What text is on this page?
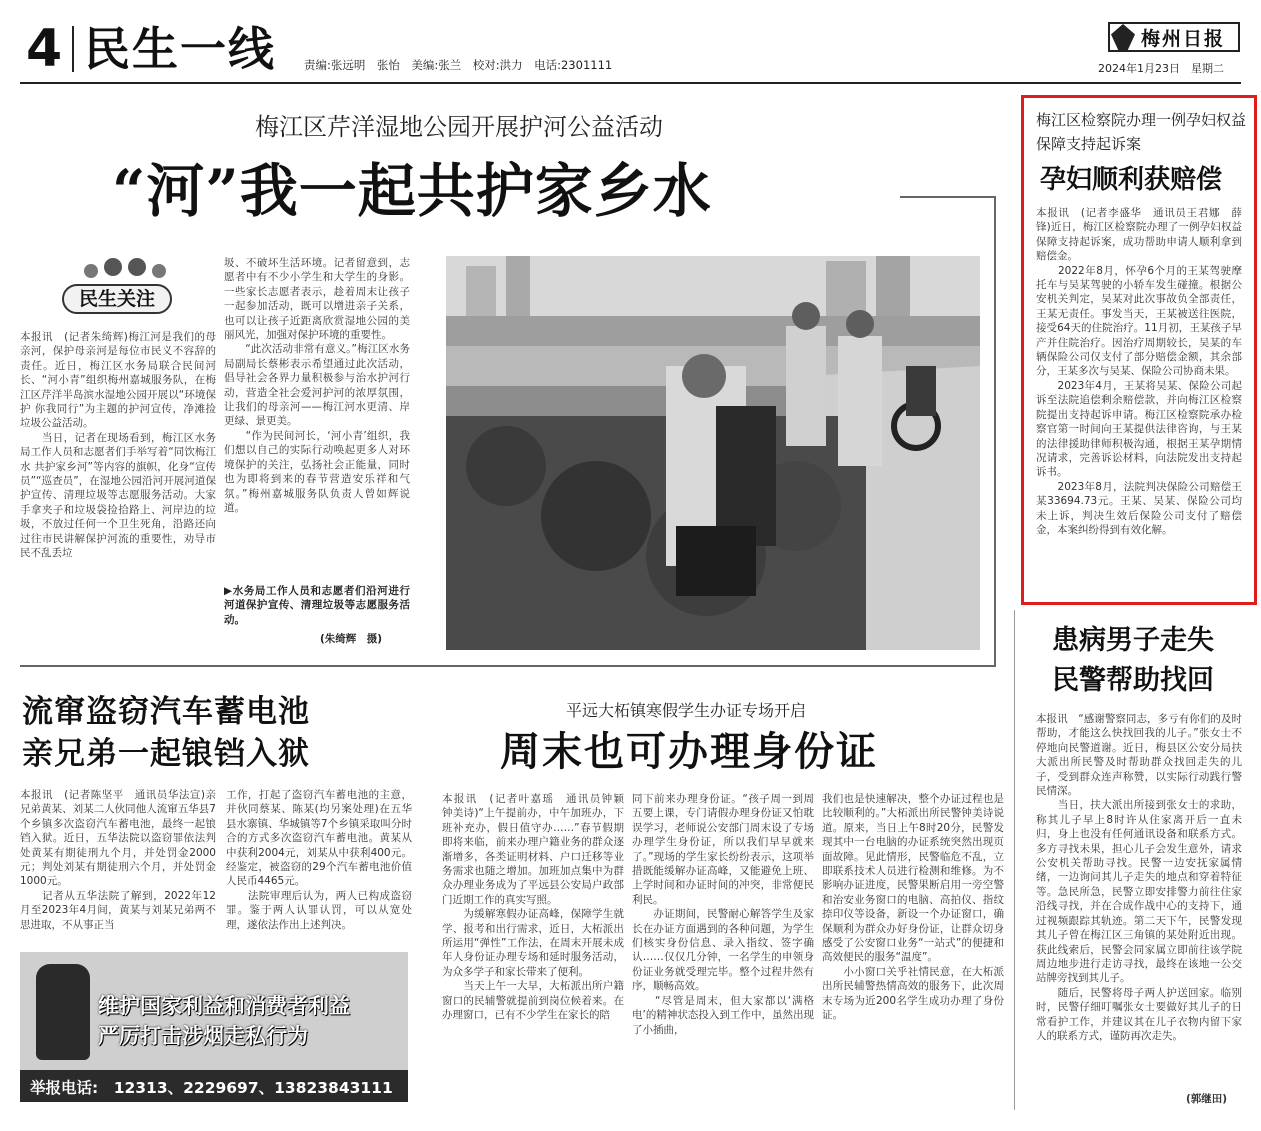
4 民生一线 责编:张远明　张怡　美编:张兰　校对:洪力　电话:2301111
梅州日报
2024年1月23日　星期二
梅江区芹洋湿地公园开展护河公益活动
“河”我一起共护家乡水
民生关注
本报讯　(记者朱绮辉)梅江河是我们的母亲河，保护母亲河是每位市民义不容辞的责任。近日，梅江区水务局联合民间河长、“河小青”组织梅州嘉城服务队，在梅江区芹洋半岛滨水湿地公园开展以“环境保护 你我同行”为主题的护河宣传，净滩捡垃圾公益活动。
　　当日，记者在现场看到，梅江区水务局工作人员和志愿者们手举写着“同饮梅江水 共护家乡河”等内容的旗帜，化身“宣传员”“巡查员”，在湿地公园沿河开展河道保护宣传、清理垃圾等志愿服务活动。大家手拿夹子和垃圾袋捡拾路上、河岸边的垃圾，不放过任何一个卫生死角，沿路还向过往市民讲解保护河流的重要性，劝导市民不乱丢垃
圾、不破坏生活环境。记者留意到，志愿者中有不少小学生和大学生的身影。一些家长志愿者表示，趁着周末让孩子一起参加活动，既可以增进亲子关系，也可以让孩子近距离欣赏湿地公园的美丽风光，加强对保护环境的重要性。
　　“此次活动非常有意义。”梅江区水务局副局长蔡彬表示希望通过此次活动，倡导社会各界力量积极参与治水护河行动，营造全社会爱河护河的浓厚氛围，让我们的母亲河——梅江河水更清、岸更绿、景更美。
　　“作为民间河长，‘河小青’组织，我们想以自己的实际行动唤起更多人对环境保护的关注，弘扬社会正能量，同时也为即将到来的春节营造安乐祥和气氛。”梅州嘉城服务队负责人曾如辉说道。
▶水务局工作人员和志愿者们沿河进行河道保护宣传、清理垃圾等志愿服务活动。
(朱绮辉　摄)
梅江区检察院办理一例孕妇权益保障支持起诉案
孕妇顺利获赔偿
本报讯　(记者李盛华　通讯员王君娜　薛锋)近日，梅江区检察院办理了一例孕妇权益保障支持起诉案，成功帮助申请人顺利拿到赔偿金。
　　2022年8月，怀孕6个月的王某驾驶摩托车与吴某驾驶的小轿车发生碰撞。根据公安机关判定，吴某对此次事故负全部责任，王某无责任。事发当天，王某被送往医院，接受64天的住院治疗。11月初，王某孩子早产并住院治疗。因治疗周期较长，吴某的车辆保险公司仅支付了部分赔偿金额，其余部分，王某多次与吴某、保险公司协商未果。
　　2023年4月，王某将吴某、保险公司起诉至法院追偿剩余赔偿款，并向梅江区检察院提出支持起诉申请。梅江区检察院承办检察官第一时间向王某提供法律咨询，与王某的法律援助律师积极沟通，根据王某孕期情况请求，完善诉讼材料，向法院发出支持起诉书。
　　2023年8月，法院判决保险公司赔偿王某33694.73元。王某、吴某、保险公司均未上诉，判决生效后保险公司支付了赔偿金，本案纠纷得到有效化解。
患病男子走失
民警帮助找回
本报讯　“感谢警察同志，多亏有你们的及时帮助，才能这么快找回我的儿子。”张女士不停地向民警道谢。近日，梅县区公安分局扶大派出所民警及时帮助群众找回走失的儿子，受到群众连声称赞，以实际行动践行警民情深。
　　当日，扶大派出所接到张女士的求助，称其儿子早上8时许从住家离开后一直未归，身上也没有任何通讯设备和联系方式。多方寻找未果，担心儿子会发生意外，请求公安机关帮助寻找。民警一边安抚家属情绪，一边询问其儿子走失的地点和穿着特征等。急民所急，民警立即安排警力前往住家沿线寻找，并在合成作战中心的支持下，通过视频跟踪其轨迹。第二天下午，民警发现其儿子曾在梅江区三角镇的某处附近出现。获此线索后，民警会同家属立即前往该学院周边地步进行走访寻找，最终在该地一公交站牌旁找到其儿子。
　　随后，民警将母子两人护送回家。临别时，民警仔细叮嘱张女士要做好其儿子的日常看护工作，并建议其在儿子衣物内留下家人的联系方式，谨防再次走失。
(郭继田)
流窜盗窃汽车蓄电池
亲兄弟一起锒铛入狱
本报讯　(记者陈坚平　通讯员华法宣)亲兄弟黄某、刘某二人伙同他人流窜五华县7个乡镇多次盗窃汽车蓄电池，最终一起锒铛入狱。近日，五华法院以盗窃罪依法判处黄某有期徒刑九个月，并处罚金2000元；判处刘某有期徒刑六个月，并处罚金1000元。
　　记者从五华法院了解到，2022年12月至2023年4月间，黄某与刘某兄弟两不思进取，不从事正当
工作，打起了盗窃汽车蓄电池的主意，并伙同蔡某、陈某(均另案处理)在五华县水寨镇、华城镇等7个乡镇采取叫分时合的方式多次盗窃汽车蓄电池。黄某从中获利2004元，刘某从中获利400元。经鉴定，被盗窃的29个汽车蓄电池价值人民币4465元。
　　法院审理后认为，两人已构成盗窃罪。鉴于两人认罪认罚，可以从宽处理，遂依法作出上述判决。
维护国家利益和消费者利益
严厉打击涉烟走私行为
举报电话:　12313、2229697、13823843111
平远大柘镇寒假学生办证专场开启
周末也可办理身份证
本报讯　(记者叶嘉瑶　通讯员钟颖　钟美诗)“上午提前办，中午加班办，下班补充办，假日值守办……”春节假期即将来临，前来办理户籍业务的群众逐渐增多，各类证明材料、户口迁移等业务需求也随之增加。加班加点集中为群众办理业务成为了平远县公安局户政部门近期工作的真实写照。
　　为缓解寒假办证高峰，保障学生就学、报考和出行需求，近日，大柘派出所运用“弹性”工作法，在周末开展未成年人身份证办理专场和延时服务活动，为众多学子和家长带来了便利。
　　当天上午一大早，大柘派出所户籍窗口的民辅警就提前到岗位候着来。在办理窗口，已有不少学生在家长的陪
同下前来办理身份证。“孩子周一到周五要上课，专门请假办理身份证又怕耽误学习，老师说公安部门周末设了专场办理学生身份证，所以我们早早就来了。”现场的学生家长纷纷表示，这项举措既能缓解办证高峰，又能避免上班、上学时间和办证时间的冲突，非常便民利民。
　　办证期间，民警耐心解答学生及家长在办证方面遇到的各种问题，为学生们核实身份信息、录入指纹、签字确认……仅仅几分钟，一名学生的申领身份证业务就受理完毕。整个过程井然有序，顺畅高效。
　　“尽管是周末，但大家都以‘满格电’的精神状态投入到工作中，虽然出现了小插曲，
我们也是快速解决，整个办证过程也是比较顺利的。”大柘派出所民警钟美诗说道。原来，当日上午8时20分，民警发现其中一台电脑的办证系统突然出现页面故障。见此情形，民警临危不乱，立即联系技术人员进行检测和维修。为不影响办证进度，民警果断启用一旁空警和治安业务窗口的电脑、高拍仪、指纹捺印仪等设备，新设一个办证窗口，确保顺利为群众办好身份证，让群众切身感受了公安窗口业务“一站式”的便捷和高效便民的服务“温度”。
　　小小窗口关乎社情民意，在大柘派出所民辅警热情高效的服务下，此次周末专场为近200名学生成功办理了身份证。
